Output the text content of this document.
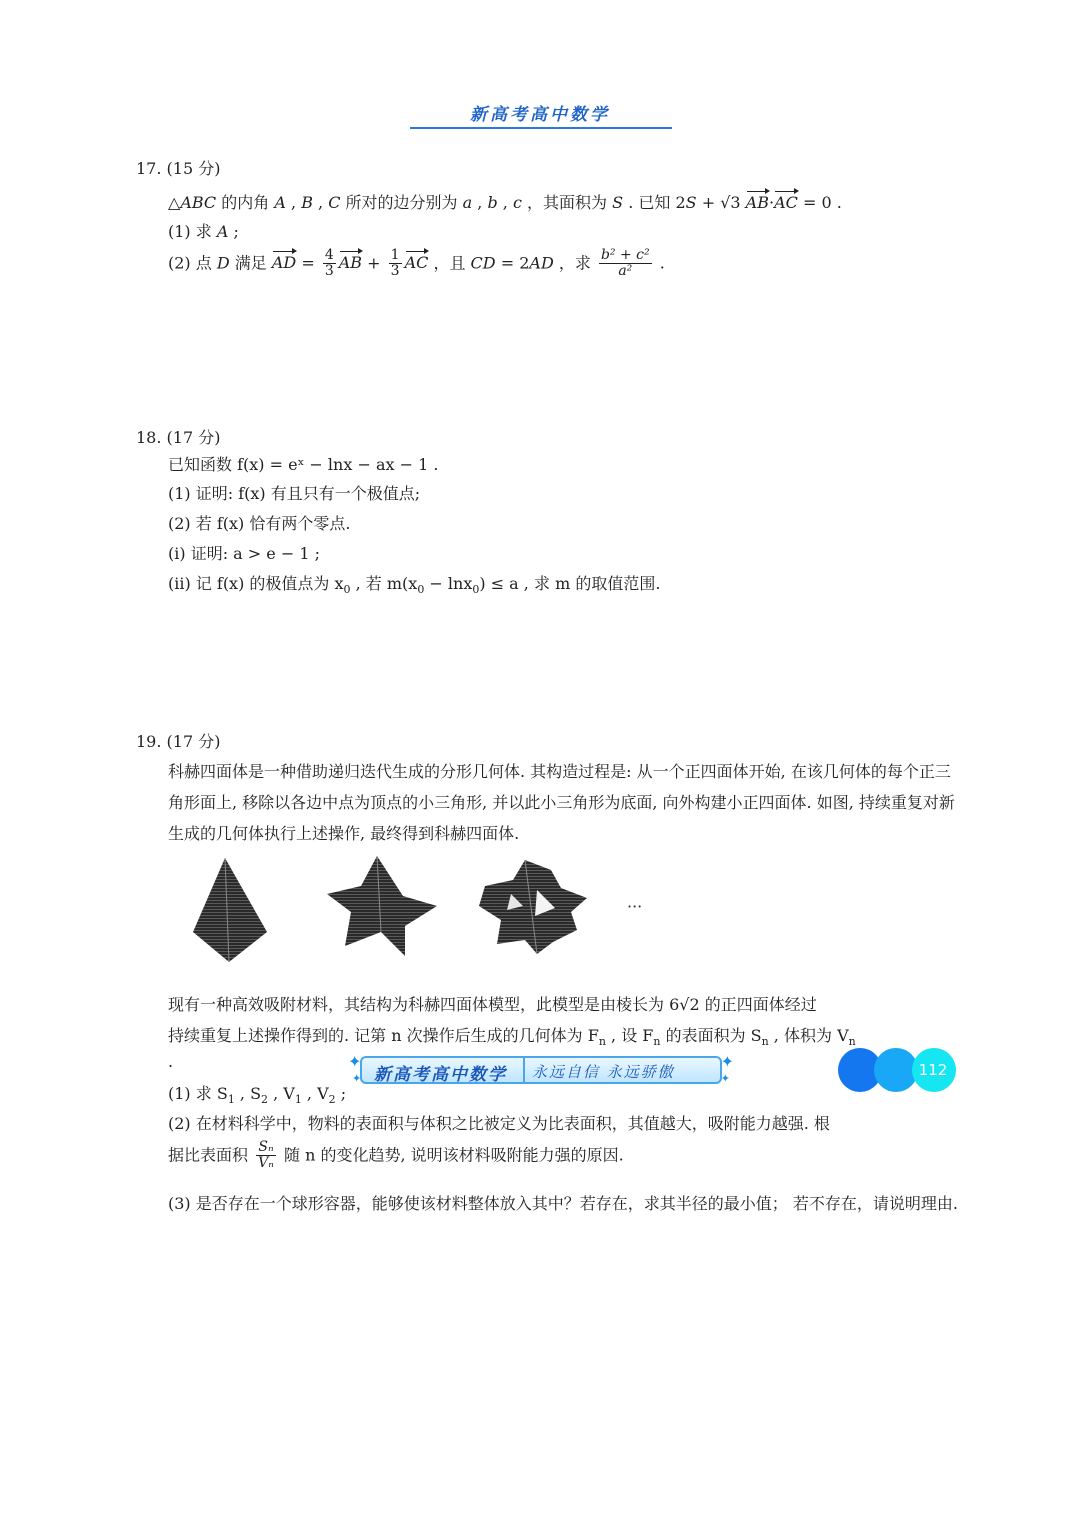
新高考高中数学
17. (15 分)
△ABC 的内角 A , B , C 所对的边分别为 a , b , c ，其面积为 S . 已知 2S + √3 AB·AC = 0 .
(1) 求 A ;
(2) 点 D 满足 AD = $\frac{4}{3}$ AB + $\frac{1}{3}$ AC ，且 CD = 2AD ，求 $\frac{\text{b² + c²}}{\text{a²}}$ .
18. (17 分)
已知函数 f(x) = eˣ − lnx − ax − 1 .
(1) 证明: f(x) 有且只有一个极值点;
(2) 若 f(x) 恰有两个零点.
(i) 证明: a > e − 1 ;
(ii) 记 f(x) 的极值点为 $x_0$ , 若 $m(x_0 - \ln x_0) \le a$ , 求 m 的取值范围.
19. (17 分)
科赫四面体是一种借助递归迭代生成的分形几何体. 其构造过程是: 从一个正四面体开始, 在该几何体的每个正三角形面上, 移除以各边中点为顶点的小三角形, 并以此小三角形为底面, 向外构建小正四面体. 如图, 持续重复对新生成的几何体执行上述操作, 最终得到科赫四面体.
···
现有一种高效吸附材料，其结构为科赫四面体模型，此模型是由棱长为 6√2 的正四面体经过
持续重复上述操作得到的. 记第 n 次操作后生成的几何体为 $F_n$ , 设 $F_n$ 的表面积为 $S_n$ , 体积为 $V_n$
.
(1) 求 $S_1$ , $S_2$ , $V_1$ , $V_2$ ;
(2) 在材料科学中，物料的表面积与体积之比被定义为比表面积，其值越大，吸附能力越强. 根
据比表面积 $\frac{\text{Sₙ}}{\text{Vₙ}}$ 随 n 的变化趋势, 说明该材料吸附能力强的原因.
(3) 是否存在一个球形容器，能够使该材料整体放入其中？若存在，求其半径的最小值； 若不存在，请说明理由.
✦
✦
✦
✦
新高考高中数学 永远自信 永远骄傲	112
